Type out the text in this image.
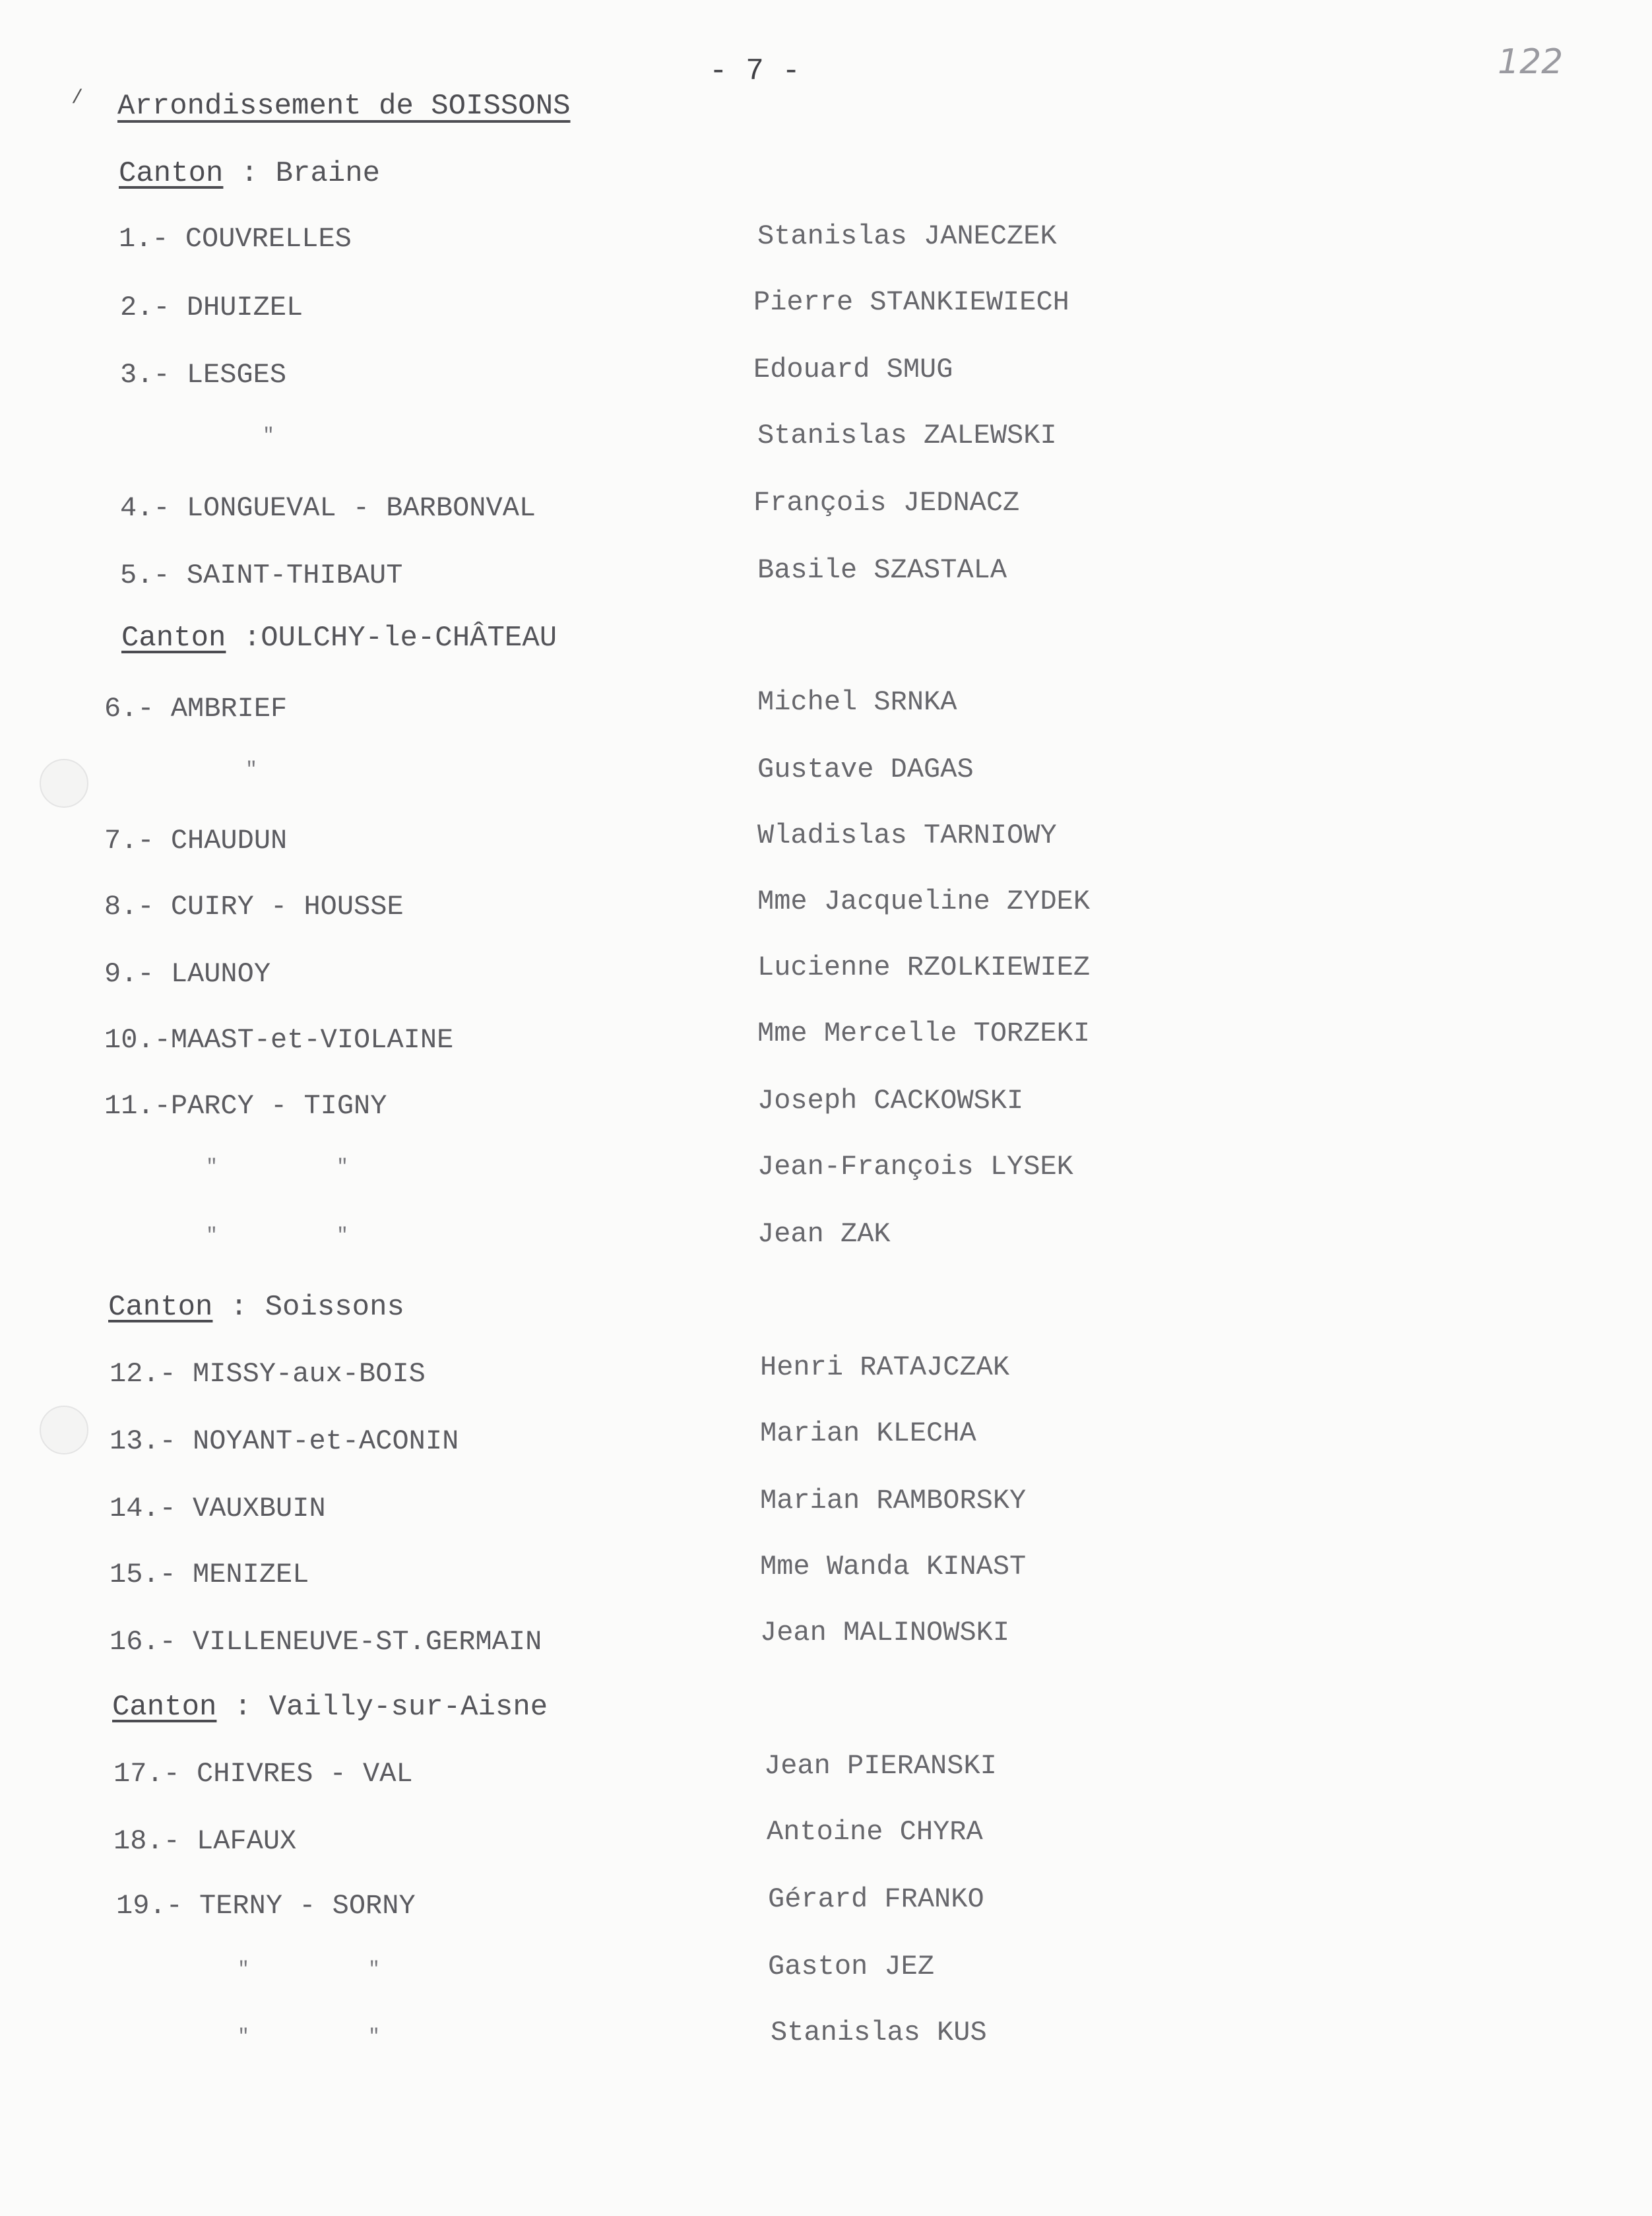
/
- 7 -	122
Arrondissement de SOISSONS
Canton : Braine
1.- COUVRELLES	Stanislas JANECZEK
2.- DHUIZEL	Pierre STANKIEWIECH
3.- LESGES	Edouard SMUG
"	Stanislas ZALEWSKI
4.- LONGUEVAL - BARBONVAL	François JEDNACZ
5.- SAINT-THIBAUT	Basile SZASTALA
Canton :OULCHY-le-CHÂTEAU
6.- AMBRIEF	Michel SRNKA
"	Gustave DAGAS
7.- CHAUDUN	Wladislas TARNIOWY
8.- CUIRY - HOUSSE	Mme Jacqueline ZYDEK
9.- LAUNOY	Lucienne RZOLKIEWIEZ
10.-MAAST-et-VIOLAINE	Mme Mercelle TORZEKI
11.-PARCY - TIGNY	Joseph CACKOWSKI
"          "	Jean-François LYSEK
"          "	Jean ZAK
Canton : Soissons
12.- MISSY-aux-BOIS	Henri RATAJCZAK
13.- NOYANT-et-ACONIN	Marian KLECHA
14.- VAUXBUIN	Marian RAMBORSKY
15.- MENIZEL	Mme Wanda KINAST
16.- VILLENEUVE-ST.GERMAIN	Jean MALINOWSKI
Canton : Vailly-sur-Aisne
17.- CHIVRES - VAL	Jean PIERANSKI
18.- LAFAUX	Antoine CHYRA
19.- TERNY - SORNY	Gérard FRANKO
"          "	Gaston JEZ
"          "	Stanislas KUS
